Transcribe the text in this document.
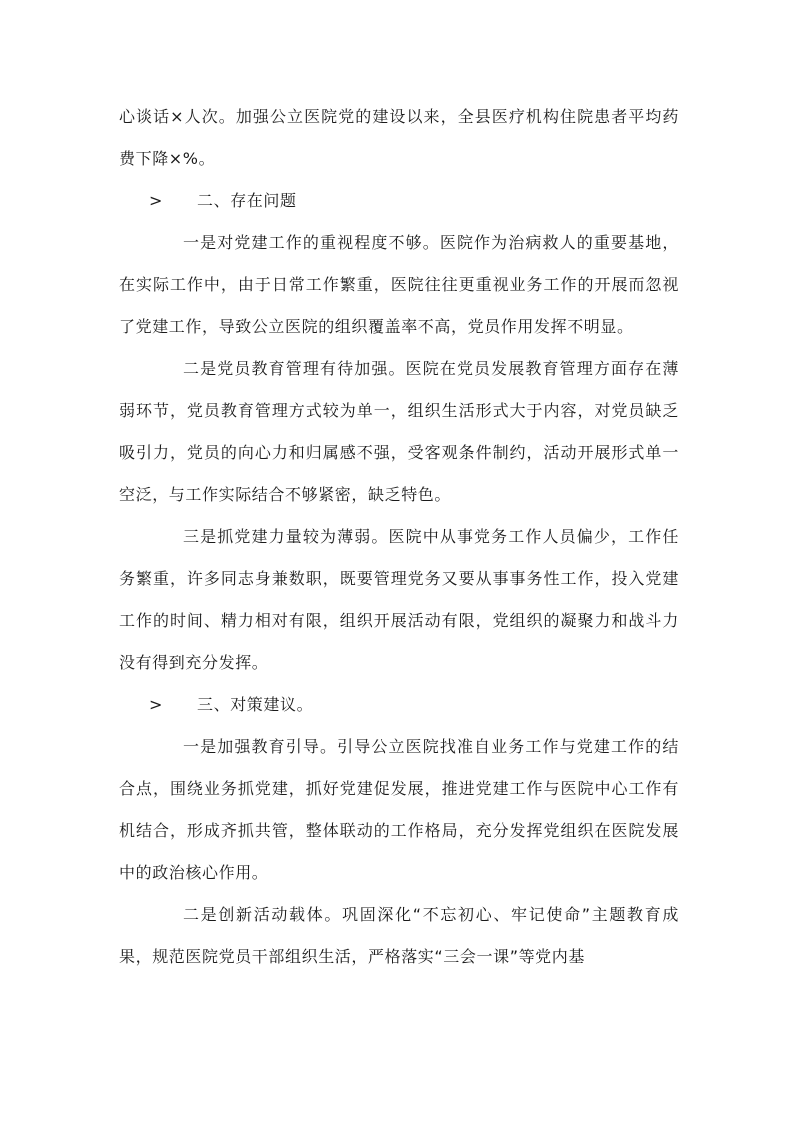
心谈话×人次。加强公立医院党的建设以来，全县医疗机构住院患者平均药费下降×%。

> 二、存在问题

一是对党建工作的重视程度不够。医院作为治病救人的重要基地，在实际工作中，由于日常工作繁重，医院往往更重视业务工作的开展而忽视了党建工作，导致公立医院的组织覆盖率不高，党员作用发挥不明显。

二是党员教育管理有待加强。医院在党员发展教育管理方面存在薄弱环节，党员教育管理方式较为单一，组织生活形式大于内容，对党员缺乏吸引力，党员的向心力和归属感不强，受客观条件制约，活动开展形式单一空泛，与工作实际结合不够紧密，缺乏特色。

三是抓党建力量较为薄弱。医院中从事党务工作人员偏少，工作任务繁重，许多同志身兼数职，既要管理党务又要从事事务性工作，投入党建工作的时间、精力相对有限，组织开展活动有限，党组织的凝聚力和战斗力没有得到充分发挥。

> 三、对策建议。

一是加强教育引导。引导公立医院找准自业务工作与党建工作的结合点，围绕业务抓党建，抓好党建促发展，推进党建工作与医院中心工作有机结合，形成齐抓共管，整体联动的工作格局，充分发挥党组织在医院发展中的政治核心作用。

二是创新活动载体。巩固深化“不忘初心、牢记使命”主题教育成果，规范医院党员干部组织生活，严格落实“三会一课”等党内基
